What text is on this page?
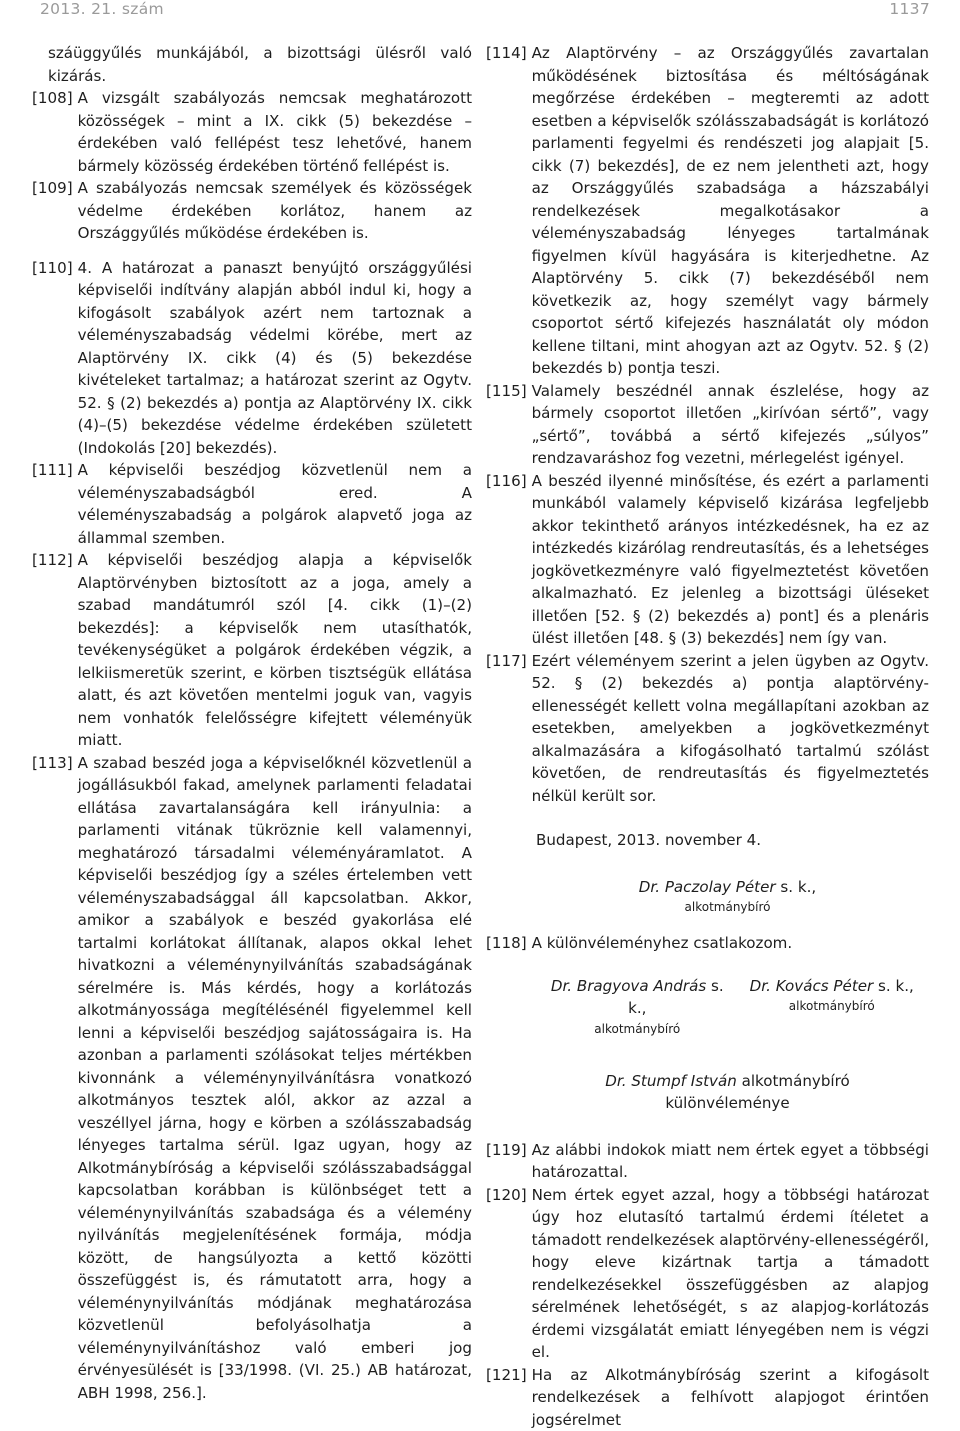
2013. 21. szám	1137

száüggyűlés munkájából, a bizottsági ülésről való kizárás.

[108] A vizsgált szabályozás nemcsak meghatározott közösségek – mint a IX. cikk (5) bekezdése – érdekében való fellépést tesz lehetővé, hanem bármely közösség érdekében történő fellépést is.
[109] A szabályozás nemcsak személyek és közösségek védelme érdekében korlátoz, hanem az Országgyűlés működése érdekében is.
[110] 4. A határozat a panaszt benyújtó országgyűlési képviselői indítvány alapján abból indul ki, hogy a kifogásolt szabályok azért nem tartoznak a véleményszabadság védelmi körébe, mert az Alaptörvény IX. cikk (4) és (5) bekezdése kivételeket tartalmaz; a határozat szerint az Ogytv. 52. § (2) bekezdés a) pontja az Alaptörvény IX. cikk (4)–(5) bekezdése védelme érdekében született (Indokolás [20] bekezdés).
[111] A képviselői beszédjog közvetlenül nem a véleményszabadságból ered. A véleményszabadság a polgárok alapvető joga az állammal szemben.
[112] A képviselői beszédjog alapja a képviselők Alaptörvényben biztosított az a joga, amely a szabad mandátumról szól [4. cikk (1)–(2) bekezdés]: a képviselők nem utasíthatók, tevékenységüket a polgárok érdekében végzik, a lelkiismeretük szerint, e körben tisztségük ellátása alatt, és azt követően mentelmi joguk van, vagyis nem vonhatók felelősségre kifejtett véleményük miatt.
[113] A szabad beszéd joga a képviselőknél közvetlenül a jogállásukból fakad, amelynek parlamenti feladatai ellátása zavartalanságára kell irányulnia: a parlamenti vitának tükröznie kell valamennyi, meghatározó társadalmi véleményáramlatot. A képviselői beszédjog így a széles értelemben vett véleményszabadsággal áll kapcsolatban. Akkor, amikor a szabályok e beszéd gyakorlása elé tartalmi korlátokat állítanak, alapos okkal lehet hivatkozni a véleménynyilvánítás szabadságának sérelmére is. Más kérdés, hogy a korlátozás alkotmányossága megítélésénél figyelemmel kell lenni a képviselői beszédjog sajátosságaira is. Ha azonban a parlamenti szólásokat teljes mértékben kivonnánk a véleménynyilvánításra vonatkozó alkotmányos tesztek alól, akkor az azzal a veszéllyel járna, hogy e körben a szólásszabadság lényeges tartalma sérül. Igaz ugyan, hogy az Alkotmánybíróság a képviselői szólásszabadsággal kapcsolatban korábban is különbséget tett a véleménynyilvánítás szabadsága és a vélemény nyilvánítás megjelenítésének formája, módja között, de hangsúlyozta a kettő közötti összefüggést is, és rámutatott arra, hogy a véleménynyilvánítás módjának meghatározása közvetlenül befolyásolhatja a véleménynyilvánításhoz való emberi jog érvényesülését is [33/1998. (VI. 25.) AB határozat, ABH 1998, 256.].
[114] Az Alaptörvény – az Országgyűlés zavartalan működésének biztosítása és méltóságának megőrzése érdekében – megteremti az adott esetben a képviselők szólásszabadságát is korlátozó parlamenti fegyelmi és rendészeti jog alapjait [5. cikk (7) bekezdés], de ez nem jelentheti azt, hogy az Országgyűlés szabadsága a házszabályi rendelkezések megalkotásakor a véleményszabadság lényeges tartalmának figyelmen kívül hagyására is kiterjedhetne. Az Alaptörvény 5. cikk (7) bekezdéséből nem következik az, hogy személyt vagy bármely csoportot sértő kifejezés használatát oly módon kellene tiltani, mint ahogyan azt az Ogytv. 52. § (2) bekezdés b) pontja teszi.
[115] Valamely beszédnél annak észlelése, hogy az bármely csoportot illetően „kirívóan sértő”, vagy „sértő”, továbbá a sértő kifejezés „súlyos” rendzavaráshoz fog vezetni, mérlegelést igényel.
[116] A beszéd ilyenné minősítése, és ezért a parlamenti munkából valamely képviselő kizárása legfeljebb akkor tekinthető arányos intézkedésnek, ha ez az intézkedés kizárólag rendreutasítás, és a lehetséges jogkövetkezményre való figyelmeztetést követően alkalmazható. Ez jelenleg a bizottsági üléseket illetően [52. § (2) bekezdés a) pont] és a plenáris ülést illetően [48. § (3) bekezdés] nem így van.
[117] Ezért véleményem szerint a jelen ügyben az Ogytv. 52. § (2) bekezdés a) pontja alaptörvény-ellenességét kellett volna megállapítani azokban az esetekben, amelyekben a jogkövetkezményt alkalmazására a kifogásolható tartalmú szólást követően, de rendreutasítás és figyelmeztetés nélkül került sor.

Budapest, 2013. november 4.

Dr. Paczolay Péter s. k.,
alkotmánybíró
[118] A különvéleményhez csatlakozom.
Dr. Bragyova András s. k.,
alkotmánybíró
Dr. Kovács Péter s. k.,
alkotmánybíró
Dr. Stumpf István alkotmánybíró
különvéleménye
[119] Az alábbi indokok miatt nem értek egyet a többségi határozattal.
[120] Nem értek egyet azzal, hogy a többségi határozat úgy hoz elutasító tartalmú érdemi ítéletet a támadott rendelkezések alaptörvény-ellenességéről, hogy eleve kizártnak tartja a támadott rendelkezésekkel összefüggésben az alapjog sérelmének lehetőségét, s az alapjog-korlátozás érdemi vizsgálatát emiatt lényegében nem is végzi el.
[121] Ha az Alkotmánybíróság szerint a kifogásolt rendelkezések a felhívott alapjogot érintően jogsérelmet
